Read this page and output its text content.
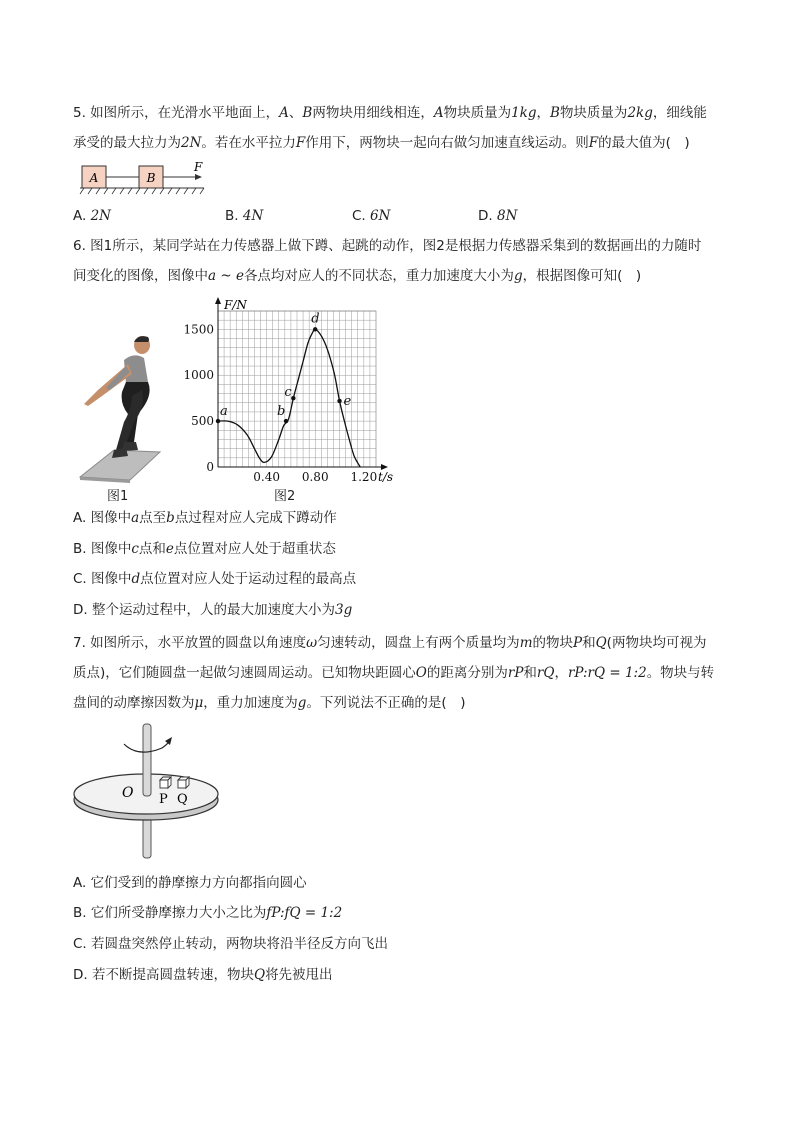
5. 如图所示，在光滑水平地面上，A、B两物块用细线相连，A物块质量为1kg，B物块质量为2kg，细线能
承受的最大拉力为2N。若在水平拉力F作用下，两物块一起向右做匀加速直线运动。则F的最大值为(　)
A	B
F
A. 2N	B. 4N	C. 6N	D. 8N
6. 图1所示，某同学站在力传感器上做下蹲、起跳的动作，图2是根据力传感器采集到的数据画出的力随时
间变化的图像，图像中a ~ e各点均对应人的不同状态，重力加速度大小为g，根据图像可知(　)
图1
0
500
1000
1500
0.40 0.80 1.20
a	b
c
d
e
F/N
t/s
图2
A. 图像中a点至b点过程对应人完成下蹲动作
B. 图像中c点和e点位置对应人处于超重状态
C. 图像中d点位置对应人处于运动过程的最高点
D. 整个运动过程中，人的最大加速度大小为3g
7. 如图所示，水平放置的圆盘以角速度ω匀速转动，圆盘上有两个质量均为m的物块P和Q(两物块均可视为
质点)，它们随圆盘一起做匀速圆周运动。已知物块距圆心O的距离分别为rP和rQ，rP:rQ = 1:2。物块与转
盘间的动摩擦因数为μ，重力加速度为g。下列说法不正确的是(　)
O P Q
A. 它们受到的静摩擦力方向都指向圆心
B. 它们所受静摩擦力大小之比为fP:fQ = 1:2
C. 若圆盘突然停止转动，两物块将沿半径反方向飞出
D. 若不断提高圆盘转速，物块Q将先被甩出
